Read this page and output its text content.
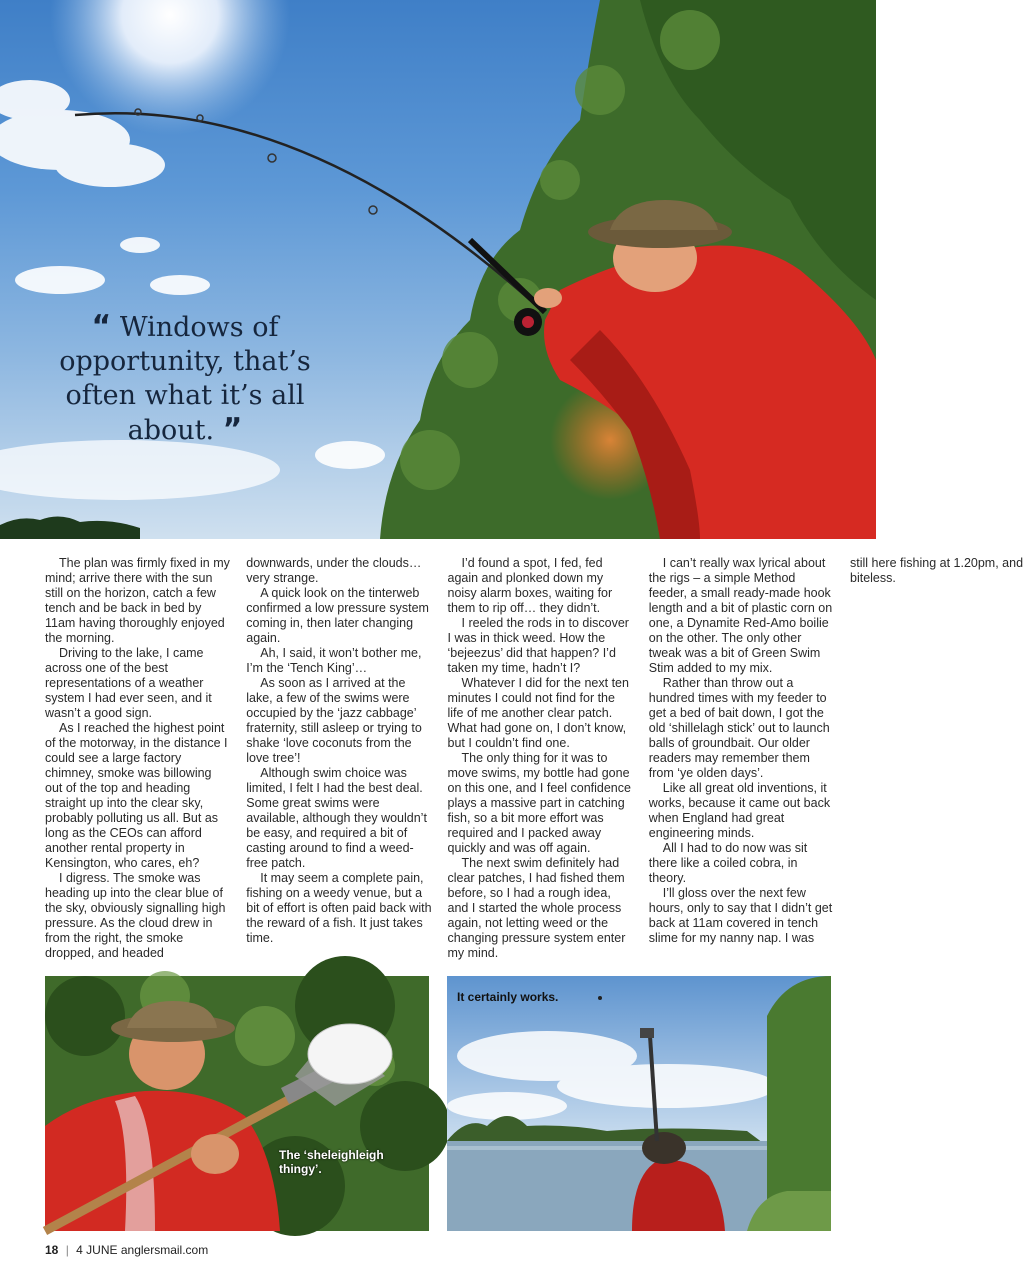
“ Windows of opportunity, that’s often what it’s all about. ”

The plan was firmly fixed in my mind; arrive there with the sun still on the horizon, catch a few tench and be back in bed by 11am having thoroughly enjoyed the morning.

Driving to the lake, I came across one of the best representations of a weather system I had ever seen, and it wasn’t a good sign.

As I reached the highest point of the motorway, in the distance I could see a large factory chimney, smoke was billowing out of the top and heading straight up into the clear sky, probably polluting us all. But as long as the CEOs can afford another rental property in Kensington, who cares, eh?

I digress. The smoke was heading up into the clear blue of the sky, obviously signalling high pressure. As the cloud drew in from the right, the smoke dropped, and headed downwards, under the clouds… very strange.

A quick look on the tinterweb confirmed a low pressure system coming in, then later changing again.

Ah, I said, it won’t bother me, I’m the ‘Tench King’…

As soon as I arrived at the lake, a few of the swims were occupied by the ‘jazz cabbage’ fraternity, still asleep or trying to shake ‘love coconuts from the love tree’!

Although swim choice was limited, I felt I had the best deal. Some great swims were available, although they wouldn’t be easy, and required a bit of casting around to find a weed-free patch.

It may seem a complete pain, fishing on a weedy venue, but a bit of effort is often paid back with the reward of a fish. It just takes time.

I’d found a spot, I fed, fed again and plonked down my noisy alarm boxes, waiting for them to rip off… they didn’t.

I reeled the rods in to discover I was in thick weed. How the ‘bejeezus’ did that happen? I’d taken my time, hadn’t I?

Whatever I did for the next ten minutes I could not find for the life of me another clear patch. What had gone on, I don’t know, but I couldn’t find one.

The only thing for it was to move swims, my bottle had gone on this one, and I feel confidence plays a massive part in catching fish, so a bit more effort was required and I packed away quickly and was off again.

The next swim definitely had clear patches, I had fished them before, so I had a rough idea, and I started the whole process again, not letting weed or the changing pressure system enter my mind.

I can’t really wax lyrical about the rigs – a simple Method feeder, a small ready-made hook length and a bit of plastic corn on one, a Dynamite Red-Amo boilie on the other. The only other tweak was a bit of Green Swim Stim added to my mix.

Rather than throw out a hundred times with my feeder to get a bed of bait down, I got the old ‘shillelagh stick’ out to launch balls of groundbait. Our older readers may remember them from ‘ye olden days’.

Like all great old inventions, it works, because it came out back when England had great engineering minds.

All I had to do now was sit there like a coiled cobra, in theory.

I’ll gloss over the next few hours, only to say that I didn’t get back at 11am covered in tench slime for my nanny nap. I was still here fishing at 1.20pm, and biteless.

The ‘sheleighleigh thingy’.
It certainly works.
18 | 4 JUNE anglersmail.com
